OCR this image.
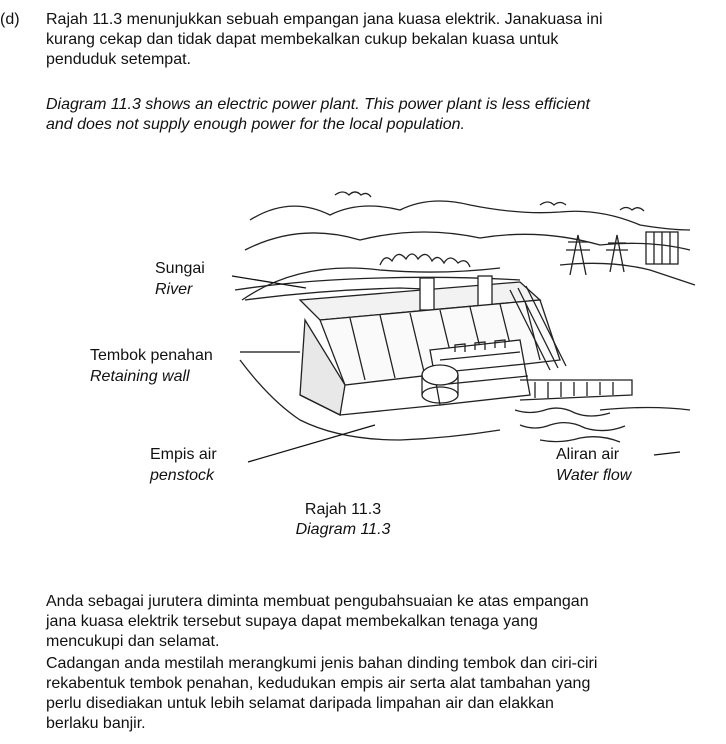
(d) Rajah 11.3 menunjukkan sebuah empangan jana kuasa elektrik. Janakuasa ini
kurang cekap dan tidak dapat membekalkan cukup bekalan kuasa untuk
penduduk setempat.
Diagram 11.3 shows an electric power plant. This power plant is less efficient
and does not supply enough power for the local population.
Sungai
River
Tembok penahan
Retaining wall
Empis air
penstock
Aliran air
Water flow
Rajah 11.3
Diagram 11.3
Anda sebagai jurutera diminta membuat pengubahsuaian ke atas empangan
jana kuasa elektrik tersebut supaya dapat membekalkan tenaga yang
mencukupi dan selamat.
Cadangan anda mestilah merangkumi jenis bahan dinding tembok dan ciri-ciri
rekabentuk tembok penahan, kedudukan empis air serta alat tambahan yang
perlu disediakan untuk lebih selamat daripada limpahan air dan elakkan
berlaku banjir.
